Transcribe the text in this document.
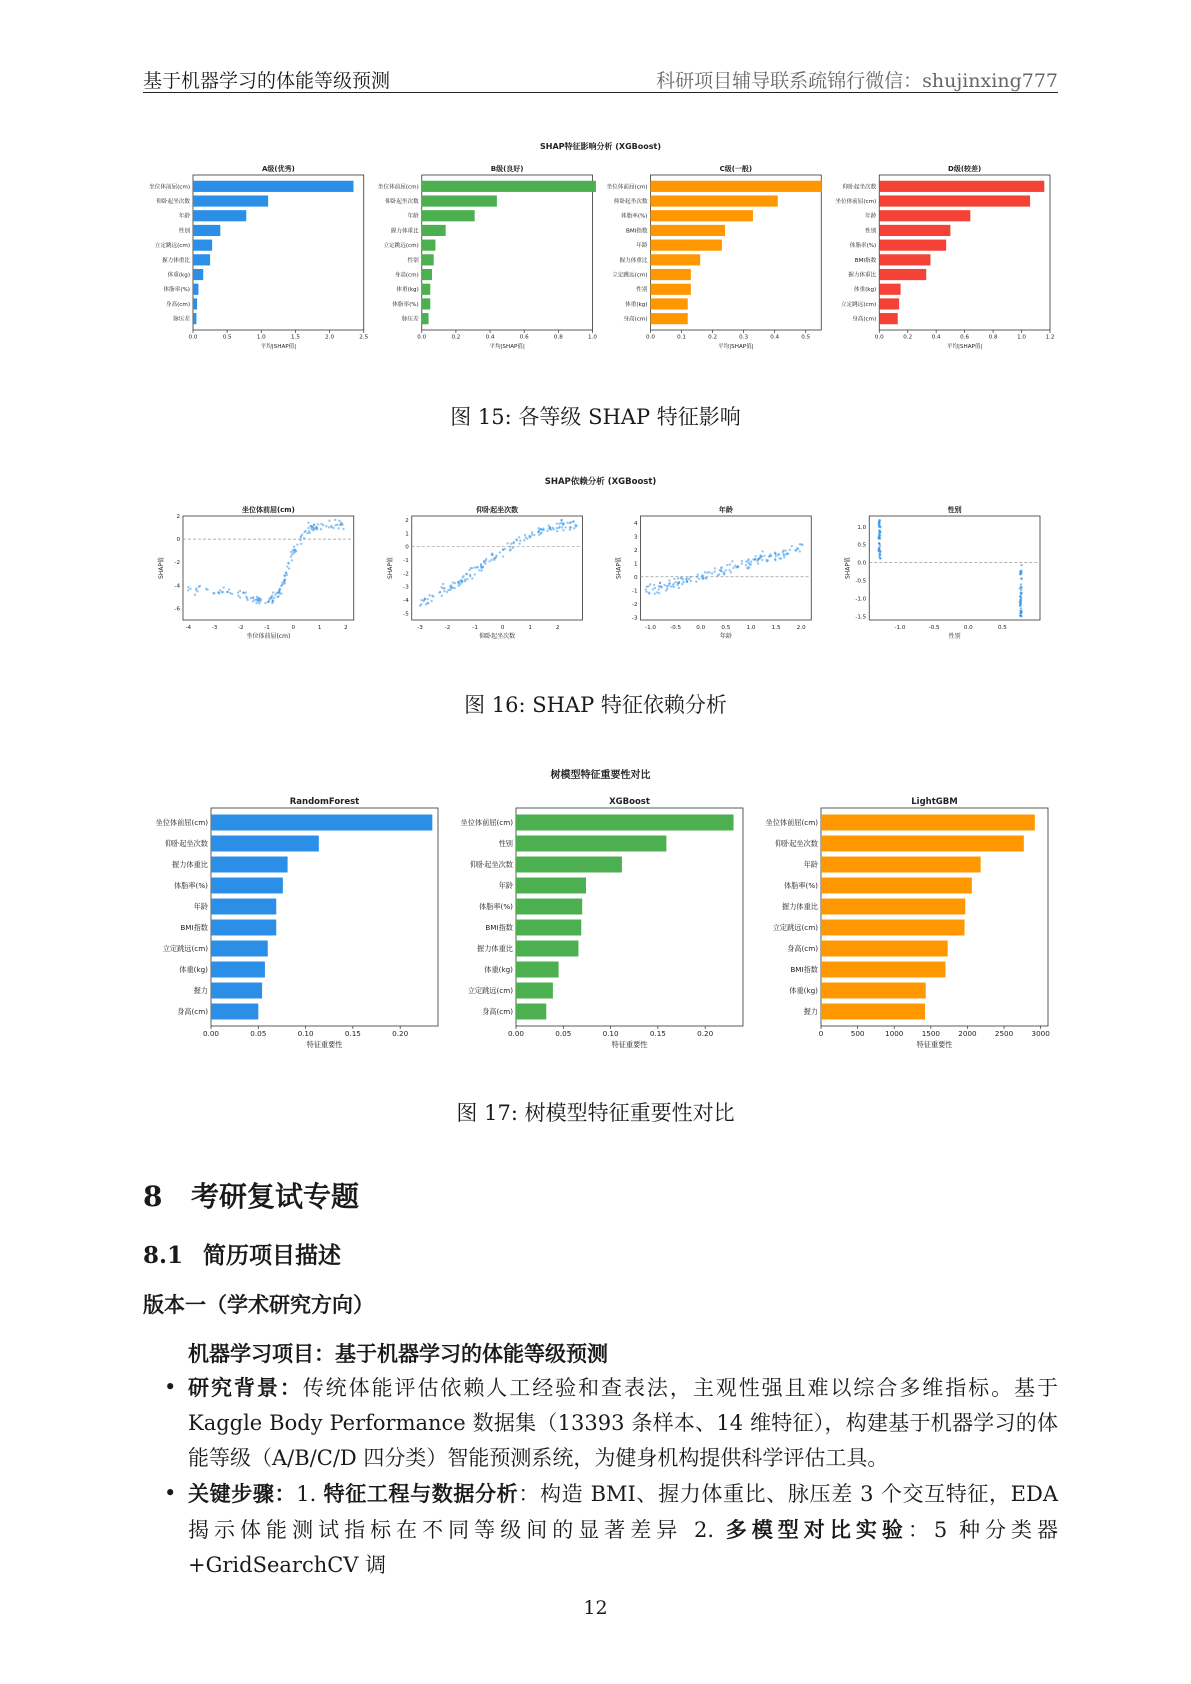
基于机器学习的体能等级预测	科研项目辅导联系疏锦行微信：shujinxing777
SHAP特征影响分析 (XGBoost)
A级(优秀)
坐位体前屈(cm)
仰卧起坐次数
年龄
性别
立定跳远(cm)
握力体重比
体重(kg)
体脂率(%)
身高(cm)
脉压差
0.0	0.5	1.0	1.5	2.0	2.5
平均|SHAP值|
B级(良好)
坐位体前屈(cm)
仰卧起坐次数
年龄
握力体重比
立定跳远(cm)
性别
身高(cm)
体重(kg)
体脂率(%)
脉压差
0.0	0.2	0.4	0.6	0.8	1.0
平均|SHAP值|
C级(一般)
坐位体前屈(cm)
仰卧起坐次数
体脂率(%)
BMI指数
年龄
握力体重比
立定跳远(cm)
性别
体重(kg)
身高(cm)
0.0	0.1	0.2	0.3	0.4	0.5
平均|SHAP值|
D级(较差)
仰卧起坐次数
坐位体前屈(cm)
年龄
性别
体脂率(%)
BMI指数
握力体重比
体重(kg)
立定跳远(cm)
身高(cm)
0.0	0.2	0.4	0.6	0.8	1.0	1.2
平均|SHAP值|
图 15: 各等级 SHAP 特征影响
SHAP依赖分析 (XGBoost)
坐位体前屈(cm)
-4	-3	-2	-1	0	1	2
2
0
-2
-4
-6
坐位体前屈(cm)
SHAP值
仰卧起坐次数
-3	-2	-1	0	1	2
2
1
0
-1
-2
-3
-4
-5
仰卧起坐次数
SHAP值
年龄
-1.0	-0.5	0.0	0.5	1.0	1.5	2.0
4
3
2
1
0
-1
-2
-3
年龄
SHAP值
性别
-1.0	-0.5	0.0	0.5
1.0
0.5
0.0
-0.5
-1.0
-1.5
性别
SHAP值
图 16: SHAP 特征依赖分析
树模型特征重要性对比
RandomForest
坐位体前屈(cm)
仰卧起坐次数
握力体重比
体脂率(%)
年龄
BMI指数
立定跳远(cm)
体重(kg)
握力
身高(cm)
0.00	0.05	0.10	0.15	0.20
特征重要性
XGBoost
坐位体前屈(cm)
性别
仰卧起坐次数
年龄
体脂率(%)
BMI指数
握力体重比
体重(kg)
立定跳远(cm)
身高(cm)
0.00	0.05	0.10	0.15	0.20
特征重要性
LightGBM
坐位体前屈(cm)
仰卧起坐次数
年龄
体脂率(%)
握力体重比
立定跳远(cm)
身高(cm)
BMI指数
体重(kg)
握力
0	500	1000	1500	2000	2500	3000
特征重要性
图 17: 树模型特征重要性对比
8 考研复试专题
8.1 简历项目描述
版本一（学术研究方向）
机器学习项目：基于机器学习的体能等级预测
• 研究背景：传统体能评估依赖人工经验和查表法，主观性强且难以综合多维指标。基于 Kaggle Body Performance 数据集（13393 条样本、14 维特征），构建基于机器学习的体能等级（A/B/C/D 四分类）智能预测系统，为健身机构提供科学评估工具。
• 关键步骤：1. 特征工程与数据分析：构造 BMI、握力体重比、脉压差 3 个交互特征，EDA 揭示体能测试指标在不同等级间的显著差异 2. 多模型对比实验：5 种分类器 +GridSearchCV 调
12
